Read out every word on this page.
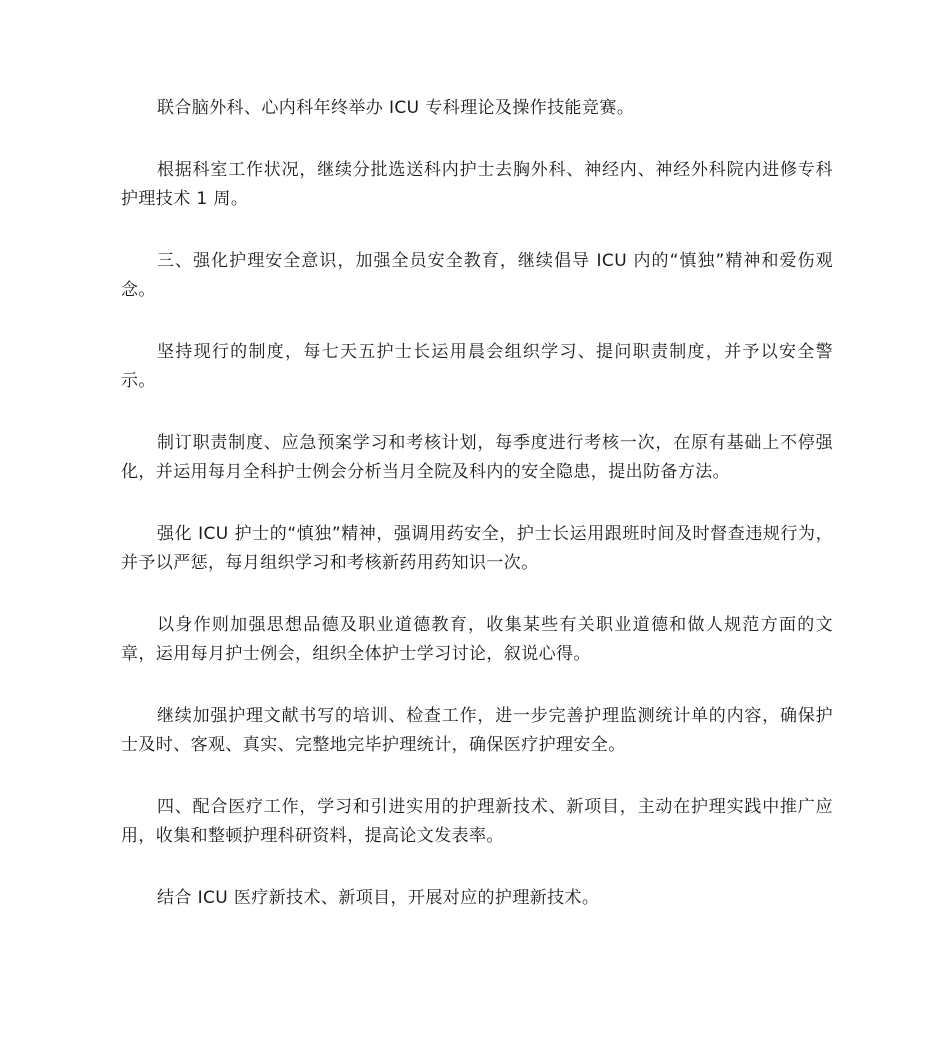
联合脑外科、心内科年终举办 ICU 专科理论及操作技能竞赛。

根据科室工作状况，继续分批选送科内护士去胸外科、神经内、神经外科院内进修专科护理技术 1 周。

三、强化护理安全意识，加强全员安全教育，继续倡导 ICU 内的“慎独”精神和爱伤观念。

坚持现行的制度，每七天五护士长运用晨会组织学习、提问职责制度，并予以安全警示。

制订职责制度、应急预案学习和考核计划，每季度进行考核一次，在原有基础上不停强化，并运用每月全科护士例会分析当月全院及科内的安全隐患，提出防备方法。

强化 ICU 护士的“慎独”精神，强调用药安全，护士长运用跟班时间及时督查违规行为，并予以严惩，每月组织学习和考核新药用药知识一次。

以身作则加强思想品德及职业道德教育，收集某些有关职业道德和做人规范方面的文章，运用每月护士例会，组织全体护士学习讨论，叙说心得。

继续加强护理文献书写的培训、检查工作，进一步完善护理监测统计单的内容，确保护士及时、客观、真实、完整地完毕护理统计，确保医疗护理安全。

四、配合医疗工作，学习和引进实用的护理新技术、新项目，主动在护理实践中推广应用，收集和整顿护理科研资料，提高论文发表率。

结合 ICU 医疗新技术、新项目，开展对应的护理新技术。
